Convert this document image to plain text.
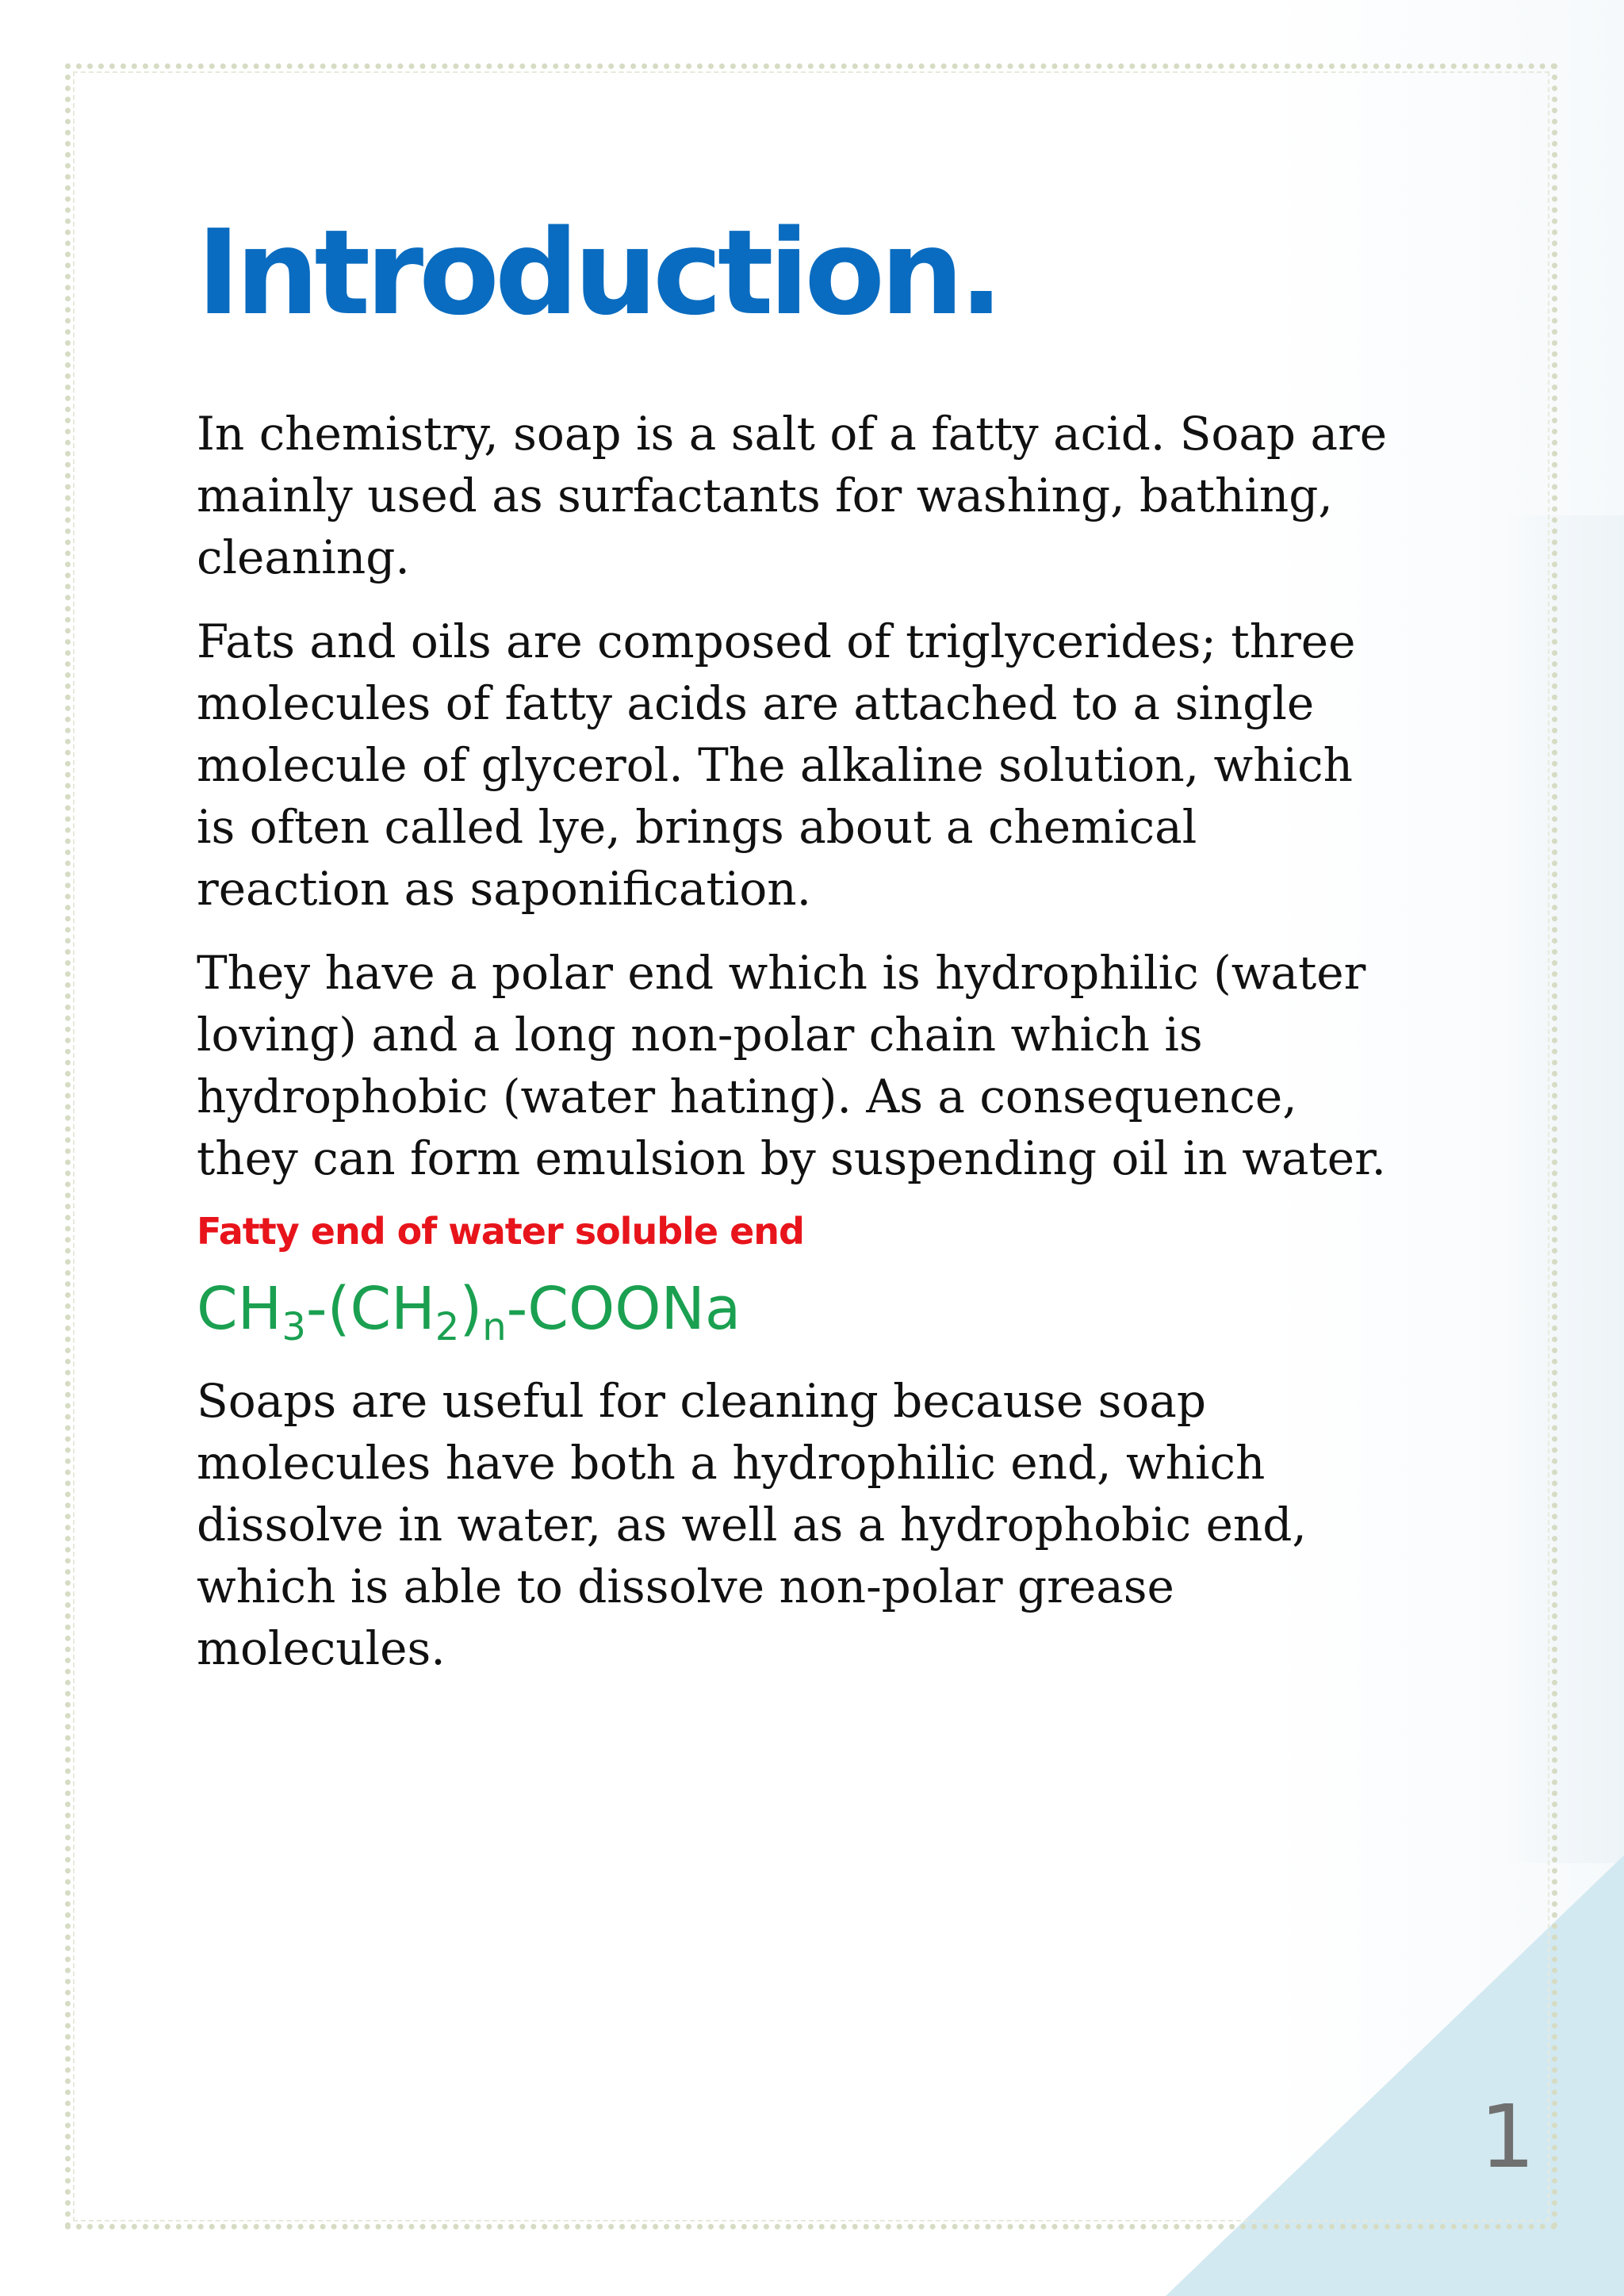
Introduction.

In chemistry, soap is a salt of a fatty acid. Soap are mainly used as surfactants for washing, bathing, cleaning.

Fats and oils are composed of triglycerides; three molecules of fatty acids are attached to a single molecule of glycerol. The alkaline solution, which is often called lye, brings about a chemical reaction as saponification.

They have a polar end which is hydrophilic (water loving) and a long non-polar chain which is hydrophobic (water hating). As a consequence, they can form emulsion by suspending oil in water.

Fatty end of water soluble end
CH3-(CH2)n-COONa

Soaps are useful for cleaning because soap molecules have both a hydrophilic end, which dissolve in water, as well as a hydrophobic end, which is able to dissolve non-polar grease molecules.

1
